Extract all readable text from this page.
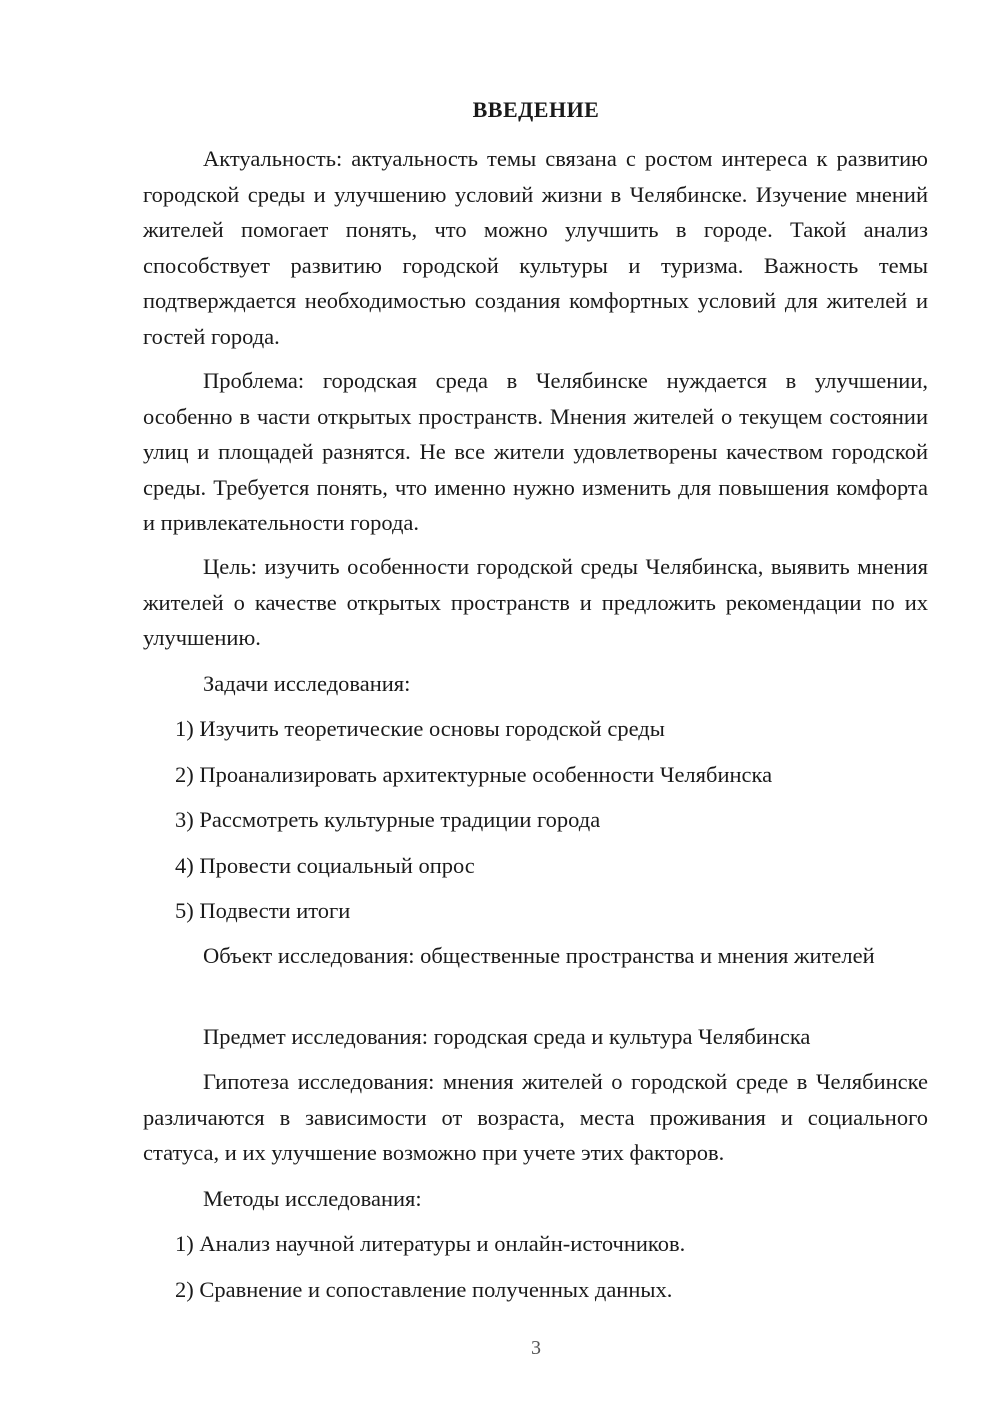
ВВЕДЕНИЕ
Актуальность: актуальность темы связана с ростом интереса к развитию городской среды и улучшению условий жизни в Челябинске. Изучение мнений жителей помогает понять, что можно улучшить в городе. Такой анализ способствует развитию городской культуры и туризма. Важность темы подтверждается необходимостью создания комфортных условий для жителей и гостей города.
Проблема: городская среда в Челябинске нуждается в улучшении, особенно в части открытых пространств. Мнения жителей о текущем состоянии улиц и площадей разнятся. Не все жители удовлетворены качеством городской среды. Требуется понять, что именно нужно изменить для повышения комфорта и привлекательности города.
Цель: изучить особенности городской среды Челябинска, выявить мнения жителей о качестве открытых пространств и предложить рекомендации по их улучшению.
Задачи исследования:
1) Изучить теоретические основы городской среды
2) Проанализировать архитектурные особенности Челябинска
3) Рассмотреть культурные традиции города
4) Провести социальный опрос
5) Подвести итоги
Объект исследования: общественные пространства и мнения жителей
Предмет исследования: городская среда и культура Челябинска
Гипотеза исследования: мнения жителей о городской среде в Челябинске различаются в зависимости от возраста, места проживания и социального статуса, и их улучшение возможно при учете этих факторов.
Методы исследования:
1) Анализ научной литературы и онлайн-источников.
2) Сравнение и сопоставление полученных данных.
3
